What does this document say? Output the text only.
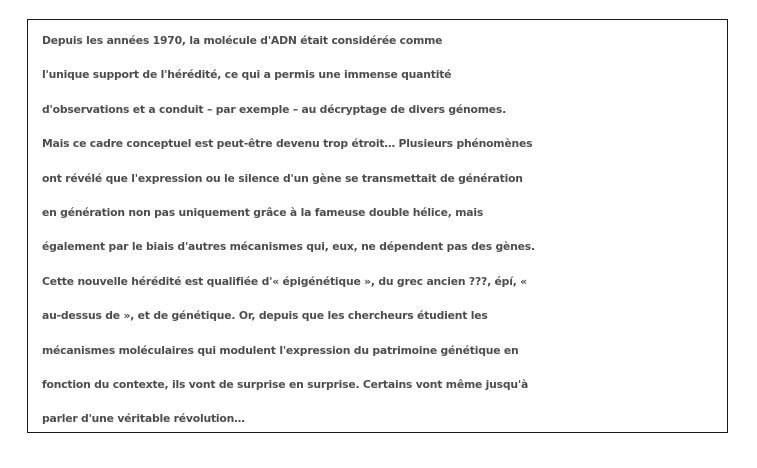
Depuis les années 1970, la molécule d'ADN était considérée comme
l'unique support de l'hérédité, ce qui a permis une immense quantité
d'observations et a conduit – par exemple – au décryptage de divers génomes.
Mais ce cadre conceptuel est peut-être devenu trop étroit… Plusieurs phénomènes
ont révélé que l'expression ou le silence d'un gène se transmettait de génération
en génération non pas uniquement grâce à la fameuse double hélice, mais
également par le biais d'autres mécanismes qui, eux, ne dépendent pas des gènes.
Cette nouvelle hérédité est qualifiée d'« épigénétique », du grec ancien ???, épí, «
au-dessus de », et de génétique. Or, depuis que les chercheurs étudient les
mécanismes moléculaires qui modulent l'expression du patrimoine génétique en
fonction du contexte, ils vont de surprise en surprise. Certains vont même jusqu'à
parler d'une véritable révolution…
